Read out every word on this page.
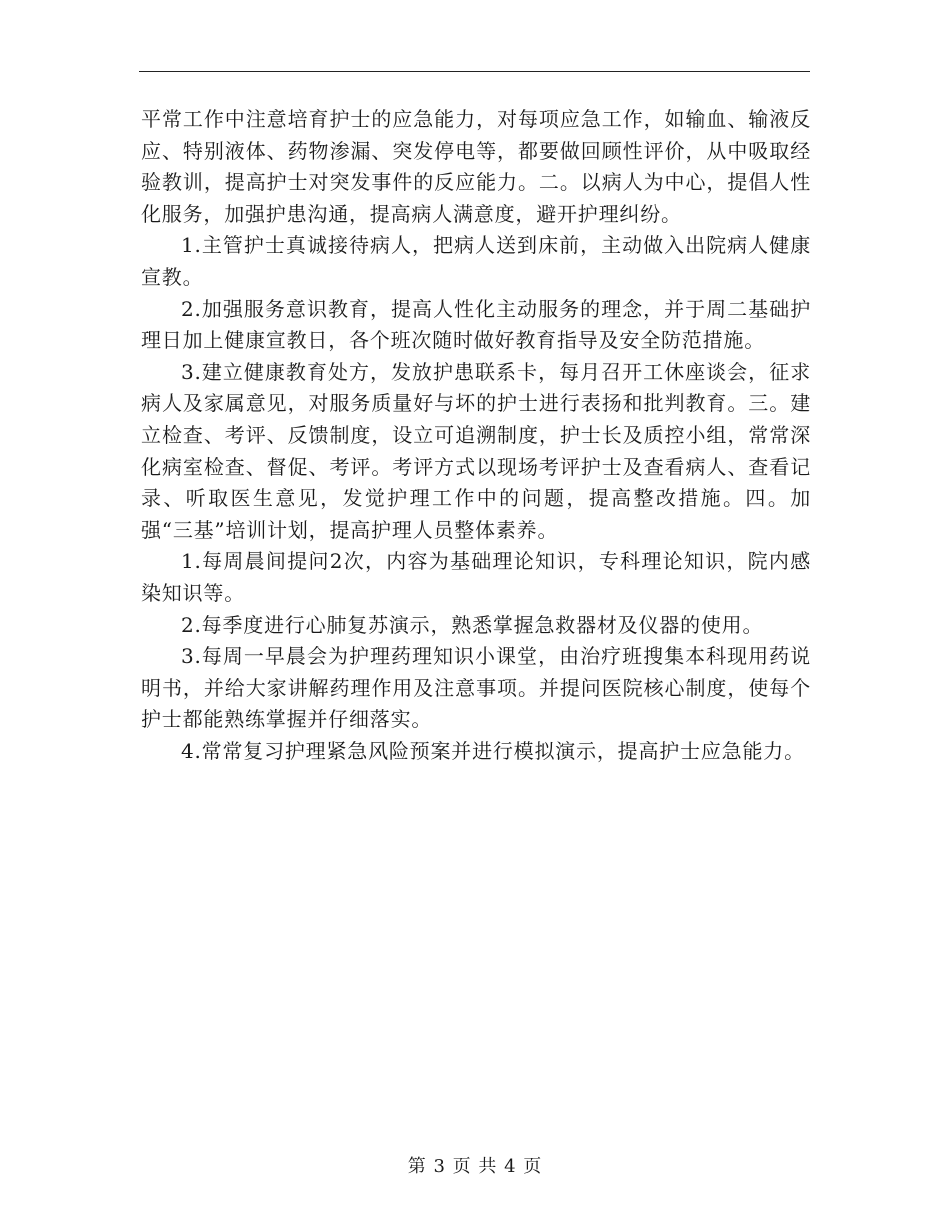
平常工作中注意培育护士的应急能力，对每项应急工作，如输血、输液反应、特别液体、药物渗漏、突发停电等，都要做回顾性评价，从中吸取经验教训，提高护士对突发事件的反应能力。二。以病人为中心，提倡人性化服务，加强护患沟通，提高病人满意度，避开护理纠纷。

1.主管护士真诚接待病人，把病人送到床前，主动做入出院病人健康宣教。

2.加强服务意识教育，提高人性化主动服务的理念，并于周二基础护理日加上健康宣教日，各个班次随时做好教育指导及安全防范措施。

3.建立健康教育处方，发放护患联系卡，每月召开工休座谈会，征求病人及家属意见，对服务质量好与坏的护士进行表扬和批判教育。三。建立检查、考评、反馈制度，设立可追溯制度，护士长及质控小组，常常深化病室检查、督促、考评。考评方式以现场考评护士及查看病人、查看记录、听取医生意见，发觉护理工作中的问题，提高整改措施。四。加强“三基”培训计划，提高护理人员整体素养。

1.每周晨间提问2次，内容为基础理论知识，专科理论知识，院内感染知识等。

2.每季度进行心肺复苏演示，熟悉掌握急救器材及仪器的使用。

3.每周一早晨会为护理药理知识小课堂，由治疗班搜集本科现用药说明书，并给大家讲解药理作用及注意事项。并提问医院核心制度，使每个护士都能熟练掌握并仔细落实。

4.常常复习护理紧急风险预案并进行模拟演示，提高护士应急能力。

第 3 页 共 4 页
